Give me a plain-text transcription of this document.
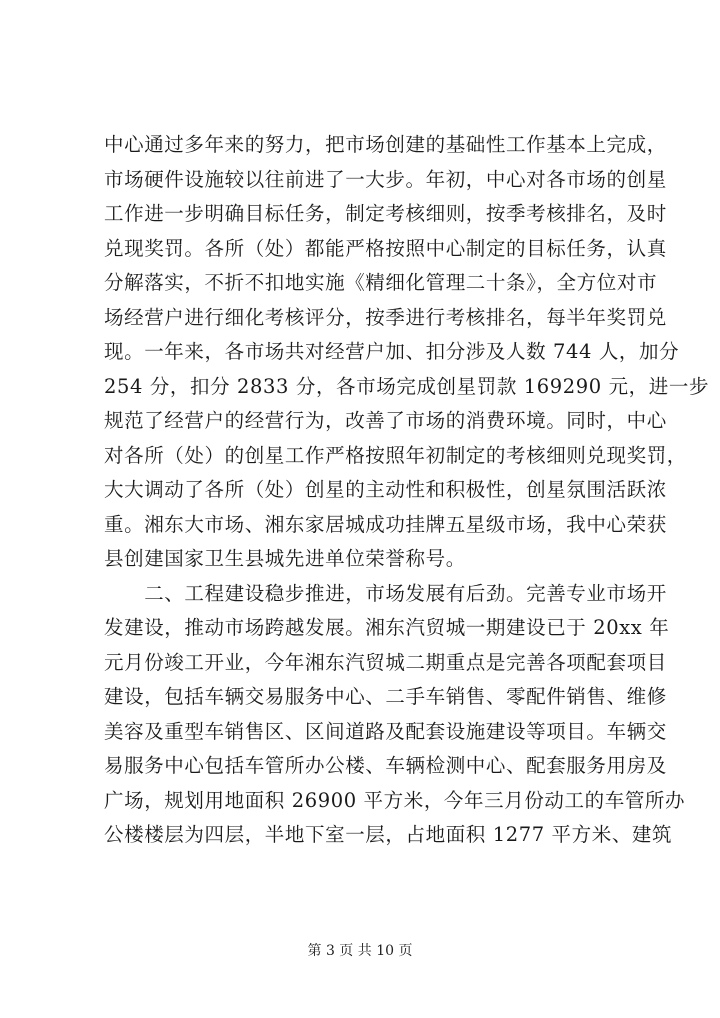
中心通过多年来的努力，把市场创建的基础性工作基本上完成，
市场硬件设施较以往前进了一大步。年初，中心对各市场的创星
工作进一步明确目标任务，制定考核细则，按季考核排名，及时
兑现奖罚。各所（处）都能严格按照中心制定的目标任务，认真
分解落实，不折不扣地实施《精细化管理二十条》，全方位对市
场经营户进行细化考核评分，按季进行考核排名，每半年奖罚兑
现。一年来，各市场共对经营户加、扣分涉及人数 744 人，加分
254 分，扣分 2833 分，各市场完成创星罚款 169290 元，进一步
规范了经营户的经营行为，改善了市场的消费环境。同时，中心
对各所（处）的创星工作严格按照年初制定的考核细则兑现奖罚，
大大调动了各所（处）创星的主动性和积极性，创星氛围活跃浓
重。湘东大市场、湘东家居城成功挂牌五星级市场，我中心荣获
县创建国家卫生县城先进单位荣誉称号。
　　二、工程建设稳步推进，市场发展有后劲。完善专业市场开
发建设，推动市场跨越发展。湘东汽贸城一期建设已于 20xx 年
元月份竣工开业，今年湘东汽贸城二期重点是完善各项配套项目
建设，包括车辆交易服务中心、二手车销售、零配件销售、维修
美容及重型车销售区、区间道路及配套设施建设等项目。车辆交
易服务中心包括车管所办公楼、车辆检测中心、配套服务用房及
广场，规划用地面积 26900 平方米，今年三月份动工的车管所办
公楼楼层为四层，半地下室一层，占地面积 1277 平方米、建筑
第 3 页 共 10 页
